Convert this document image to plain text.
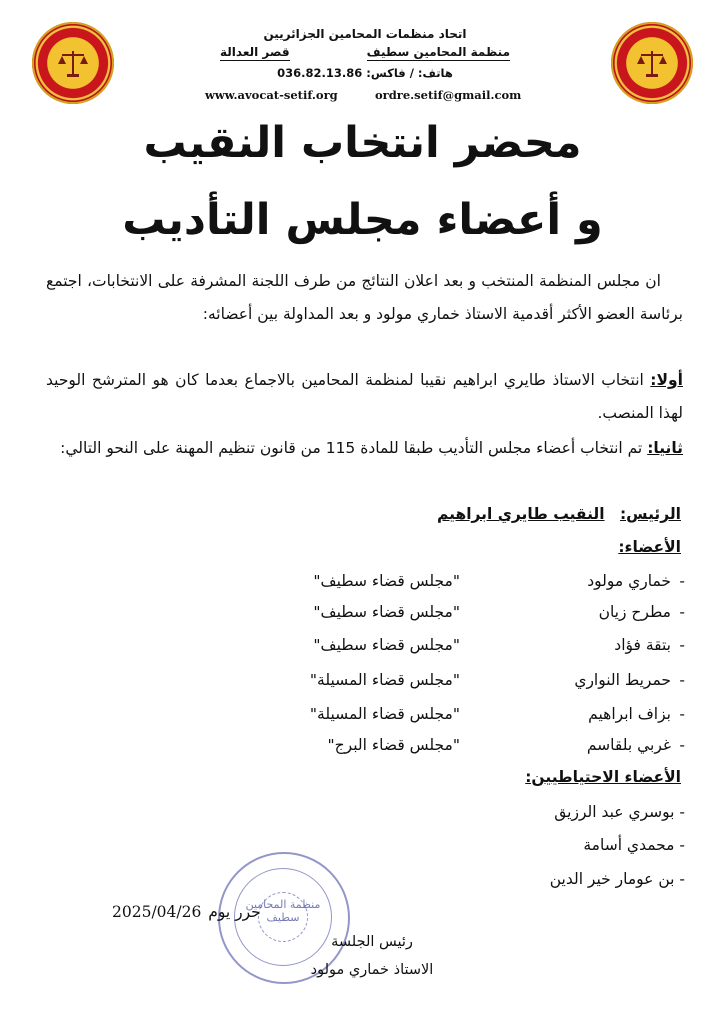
اتحاد منظمات المحامين الجزائريين
منظمة المحامين سطيف
قصر العدالة
هاتف: / فاكس: 036.82.13.86
www.avocat-setif.org	ordre.setif@gmail.com
محضر انتخاب النقيب
و أعضاء مجلس التأديب
ان مجلس المنظمة المنتخب و بعد اعلان النتائج من طرف اللجنة المشرفة على الانتخابات، اجتمع برئاسة العضو الأكثر أقدمية الاستاذ خماري مولود و بعد المداولة بين أعضائه:
أولا: انتخاب الاستاذ طايري ابراهيم نقيبا لمنظمة المحامين بالاجماع بعدما كان هو المترشح الوحيد لهذا المنصب.
ثانيا: تم انتخاب أعضاء مجلس التأديب طبقا للمادة 115 من قانون تنظيم المهنة على النحو التالي:
الرئيس: النقيب طايري ابراهيم
الأعضاء:
-
خماري مولود
"مجلس قضاء سطيف"
-
مطرح زيان
"مجلس قضاء سطيف"
-
بتقة فؤاد
"مجلس قضاء سطيف"
-
حمريط النواري
"مجلس قضاء المسيلة"
-
بزاف ابراهيم
"مجلس قضاء المسيلة"
-
غربي بلقاسم
"مجلس قضاء البرج"
الأعضاء الاحتياطيين:
- بوسري عبد الرزيق
- محمدي أسامة
- بن عومار خير الدين
منظمة المحامين سطيف
2025/04/26 حرر يوم
رئيس الجلسة
الاستاذ خماري مولود
